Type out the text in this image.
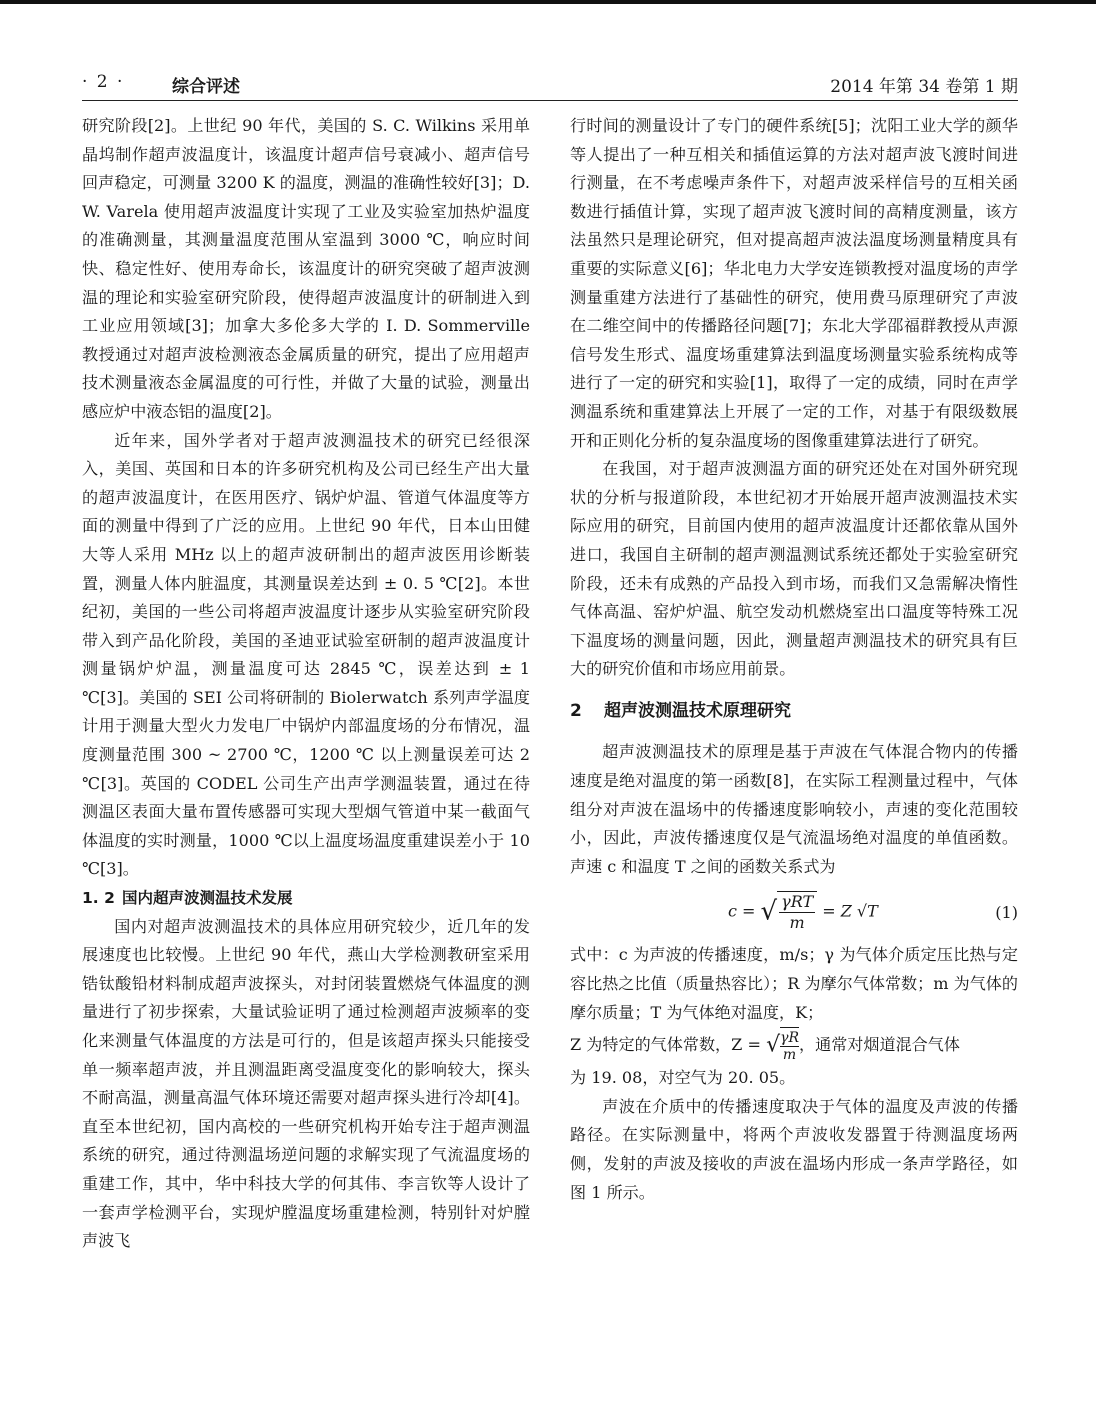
· 2 ·	综合评述	2014 年第 34 卷第 1 期

研究阶段[2]。上世纪 90 年代，美国的 S. C. Wilkins 采用单晶坞制作超声波温度计，该温度计超声信号衰减小、超声信号回声稳定，可测量 3200 K 的温度，测温的准确性较好[3]；D. W. Varela 使用超声波温度计实现了工业及实验室加热炉温度的准确测量，其测量温度范围从室温到 3000 ℃，响应时间快、稳定性好、使用寿命长，该温度计的研究突破了超声波测温的理论和实验室研究阶段，使得超声波温度计的研制进入到工业应用领域[3]；加拿大多伦多大学的 I. D. Sommerville 教授通过对超声波检测液态金属质量的研究，提出了应用超声技术测量液态金属温度的可行性，并做了大量的试验，测量出感应炉中液态铝的温度[2]。

近年来，国外学者对于超声波测温技术的研究已经很深入，美国、英国和日本的许多研究机构及公司已经生产出大量的超声波温度计，在医用医疗、锅炉炉温、管道气体温度等方面的测量中得到了广泛的应用。上世纪 90 年代，日本山田健大等人采用 MHz 以上的超声波研制出的超声波医用诊断装置，测量人体内脏温度，其测量误差达到 ± 0. 5 ℃[2]。本世纪初，美国的一些公司将超声波温度计逐步从实验室研究阶段带入到产品化阶段，美国的圣迪亚试验室研制的超声波温度计测量锅炉炉温，测量温度可达 2845 ℃，误差达到 ± 1 ℃[3]。美国的 SEI 公司将研制的 Biolerwatch 系列声学温度计用于测量大型火力发电厂中锅炉内部温度场的分布情况，温度测量范围 300 ~ 2700 ℃，1200 ℃ 以上测量误差可达 2 ℃[3]。英国的 CODEL 公司生产出声学测温装置，通过在待测温区表面大量布置传感器可实现大型烟气管道中某一截面气体温度的实时测量，1000 ℃以上温度场温度重建误差小于 10 ℃[3]。

1. 2 国内超声波测温技术发展

国内对超声波测温技术的具体应用研究较少，近几年的发展速度也比较慢。上世纪 90 年代，燕山大学检测教研室采用锆钛酸铅材料制成超声波探头，对封闭装置燃烧气体温度的测量进行了初步探索，大量试验证明了通过检测超声波频率的变化来测量气体温度的方法是可行的，但是该超声探头只能接受单一频率超声波，并且测温距离受温度变化的影响较大，探头不耐高温，测量高温气体环境还需要对超声探头进行冷却[4]。直至本世纪初，国内高校的一些研究机构开始专注于超声测温系统的研究，通过待测温场逆问题的求解实现了气流温度场的重建工作，其中，华中科技大学的何其伟、李言钦等人设计了一套声学检测平台，实现炉膛温度场重建检测，特别针对炉膛声波飞

行时间的测量设计了专门的硬件系统[5]；沈阳工业大学的颜华等人提出了一种互相关和插值运算的方法对超声波飞渡时间进行测量，在不考虑噪声条件下，对超声波采样信号的互相关函数进行插值计算，实现了超声波飞渡时间的高精度测量，该方法虽然只是理论研究，但对提高超声波法温度场测量精度具有重要的实际意义[6]；华北电力大学安连锁教授对温度场的声学测量重建方法进行了基础性的研究，使用费马原理研究了声波在二维空间中的传播路径问题[7]；东北大学邵福群教授从声源信号发生形式、温度场重建算法到温度场测量实验系统构成等进行了一定的研究和实验[1]，取得了一定的成绩，同时在声学测温系统和重建算法上开展了一定的工作，对基于有限级数展开和正则化分析的复杂温度场的图像重建算法进行了研究。

在我国，对于超声波测温方面的研究还处在对国外研究现状的分析与报道阶段，本世纪初才开始展开超声波测温技术实际应用的研究，目前国内使用的超声波温度计还都依靠从国外进口，我国自主研制的超声测温测试系统还都处于实验室研究阶段，还未有成熟的产品投入到市场，而我们又急需解决惰性气体高温、窑炉炉温、航空发动机燃烧室出口温度等特殊工况下温度场的测量问题，因此，测量超声测温技术的研究具有巨大的研究价值和市场应用前景。

2 超声波测温技术原理研究

超声波测温技术的原理是基于声波在气体混合物内的传播速度是绝对温度的第一函数[8]，在实际工程测量过程中，气体组分对声波在温场中的传播速度影响较小，声速的变化范围较小，因此，声波传播速度仅是气流温场绝对温度的单值函数。声速 c 和温度 T 之间的函数关系式为

c = √ $\frac{\text{γRT}}{m} = Z$ √T	(1)

式中：c 为声波的传播速度，m/s；γ 为气体介质定压比热与定容比热之比值（质量热容比）；R 为摩尔气体常数；m 为气体的摩尔质量；T 为气体绝对温度，K；

Z 为特定的气体常数，Z = √ $\frac{\gamma R}{m}$ ，通常对烟道混合气体

为 19. 08，对空气为 20. 05。

声波在介质中的传播速度取决于气体的温度及声波的传播路径。在实际测量中，将两个声波收发器置于待测温度场两侧，发射的声波及接收的声波在温场内形成一条声学路径，如图 1 所示。
